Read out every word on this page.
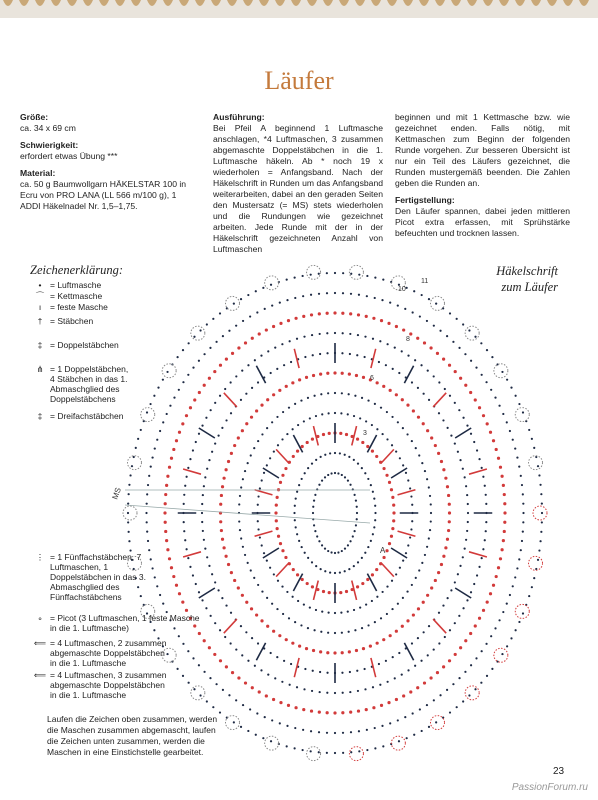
Läufer

Größe:
ca. 34 x 69 cm

Schwierigkeit:
erfordert etwas Übung ***

Material:
ca. 50 g Baumwollgarn HÄKELSTAR 100 in Ecru von PRO LANA (LL 566 m/100 g), 1 ADDI Häkelnadel Nr. 1,5–1,75.

Ausführung:
Bei Pfeil A beginnend 1 Luftmasche anschlagen, *4 Luftmaschen, 3 zusammen abgemaschte Doppelstäbchen in die 1. Luftmasche häkeln. Ab * noch 19 x wiederholen = Anfangsband. Nach der Häkelschrift in Runden um das Anfangsband weiterarbeiten, dabei an den geraden Seiten den Mustersatz (= MS) stets wiederholen und die Rundungen wie gezeichnet arbeiten. Jede Runde mit der in der Häkelschrift gezeichneten Anzahl von Luftmaschen

beginnen und mit 1 Kettmasche bzw. wie gezeichnet enden. Falls nötig, mit Kettmaschen zum Beginn der folgenden Runde vorgehen. Zur besseren Übersicht ist nur ein Teil des Läufers gezeichnet, die Runden mustergemäß beenden. Die Zahlen geben die Runden an.

Fertigstellung:
Den Läufer spannen, dabei jeden mittleren Picot extra erfassen, mit Sprühstärke befeuchten und trocknen lassen.
Zeichenerklärung:	Häkelschrift
zum Läufer
MS
A
3
6
8
10
11
• = Luftmasche
⌒ = Kettmasche
ı = feste Masche
† = Stäbchen
‡ = Doppelstäbchen
⋔ = 1 Doppelstäbchen, 4 Stäbchen in das 1. Abmaschglied des Doppelstäbchens
‡ = Dreifachstäbchen
⋮ = 1 Fünffachstäbchen, 7 Luftmaschen, 1 Doppelstäbchen in das 3. Abmaschglied des Fünffachstäbchens
∘ = Picot (3 Luftmaschen, 1 feste Masche in die 1. Luftmasche)
⟸ = 4 Luftmaschen, 2 zusammen abgemaschte Doppelstäbchen in die 1. Luftmasche
⟸ = 4 Luftmaschen, 3 zusammen abgemaschte Doppelstäbchen in die 1. Luftmasche
Laufen die Zeichen oben zusammen, werden die Maschen zusammen abgemascht, laufen die Zeichen unten zusammen, werden die Maschen in eine Einstichstelle gearbeitet.
23
PassionForum.ru
